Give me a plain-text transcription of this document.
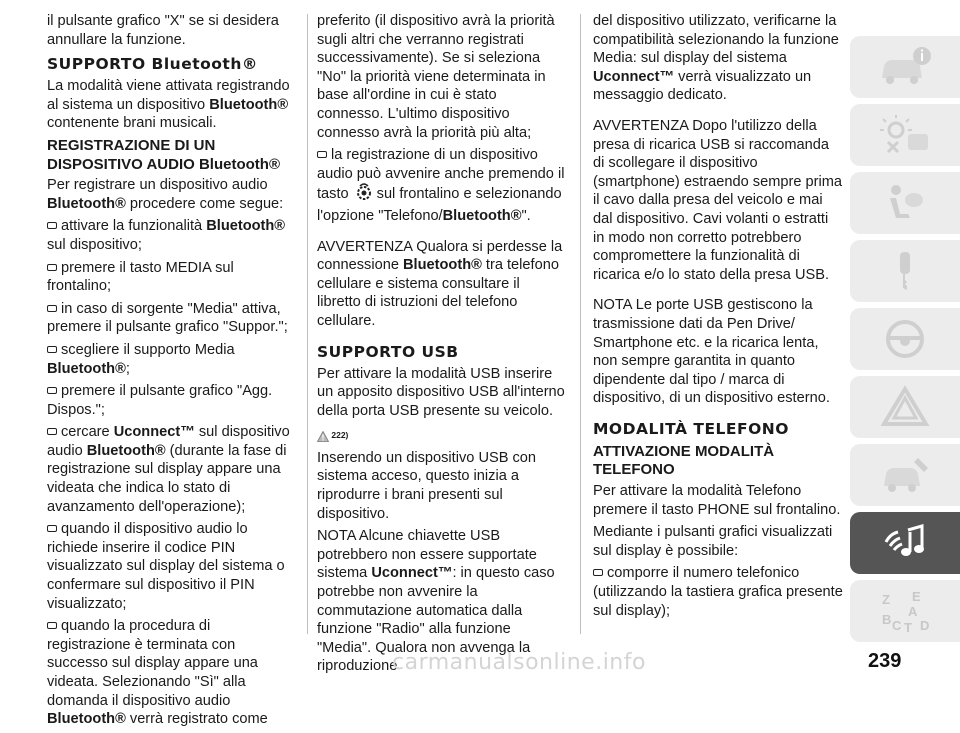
il pulsante grafico "X" se si desidera annullare la funzione.

SUPPORTO Bluetooth®

La modalità viene attivata registrando al sistema un dispositivo Bluetooth® contenente brani musicali.

REGISTRAZIONE DI UN DISPOSITIVO AUDIO Bluetooth®

Per registrare un dispositivo audio Bluetooth® procedere come segue:

attivare la funzionalità Bluetooth® sul dispositivo;

premere il tasto MEDIA sul frontalino;

in caso di sorgente "Media" attiva, premere il pulsante grafico "Suppor.";

scegliere il supporto Media Bluetooth®;

premere il pulsante grafico "Agg. Dispos.";

cercare Uconnect™ sul dispositivo audio Bluetooth® (durante la fase di registrazione sul display appare una videata che indica lo stato di avanzamento dell'operazione);

quando il dispositivo audio lo richiede inserire il codice PIN visualizzato sul display del sistema o confermare sul dispositivo il PIN visualizzato;

quando la procedura di registrazione è terminata con successo sul display appare una videata. Selezionando "Sì" alla domanda il dispositivo audio Bluetooth® verrà registrato come

preferito (il dispositivo avrà la priorità sugli altri che verranno registrati successivamente). Se si seleziona "No" la priorità viene determinata in base all'ordine in cui è stato connesso. L'ultimo dispositivo connesso avrà la priorità più alta;

la registrazione di un dispositivo audio può avvenire anche premendo il tasto sul frontalino e selezionando l'opzione "Telefono/Bluetooth®".

AVVERTENZA Qualora si perdesse la connessione Bluetooth® tra telefono cellulare e sistema consultare il libretto di istruzioni del telefono cellulare.

SUPPORTO USB

Per attivare la modalità USB inserire un apposito dispositivo USB all'interno della porta USB presente su veicolo.

222)

Inserendo un dispositivo USB con sistema acceso, questo inizia a riprodurre i brani presenti sul dispositivo.

NOTA Alcune chiavette USB potrebbero non essere supportate sistema Uconnect™: in questo caso potrebbe non avvenire la commutazione automatica dalla funzione "Radio" alla funzione "Media". Qualora non avvenga la riproduzione

del dispositivo utilizzato, verificarne la compatibilità selezionando la funzione Media: sul display del sistema Uconnect™ verrà visualizzato un messaggio dedicato.

AVVERTENZA Dopo l'utilizzo della presa di ricarica USB si raccomanda di scollegare il dispositivo (smartphone) estraendo sempre prima il cavo dalla presa del veicolo e mai dal dispositivo. Cavi volanti o estratti in modo non corretto potrebbero compromettere la funzionalità di ricarica e/o lo stato della presa USB.

NOTA Le porte USB gestiscono la trasmissione dati da Pen Drive/ Smartphone etc. e la ricarica lenta, non sempre garantita in quanto dipendente dal tipo / marca di dispositivo, di un dispositivo esterno.

MODALITÀ TELEFONO
ATTIVAZIONE MODALITÀ TELEFONO

Per attivare la modalità Telefono premere il tasto PHONE sul frontalino.

Mediante i pulsanti grafici visualizzati sul display è possibile:

comporre il numero telefonico (utilizzando la tastiera grafica presente sul display);

Z E
B
A
C T D
carmanualsonline.info	239
